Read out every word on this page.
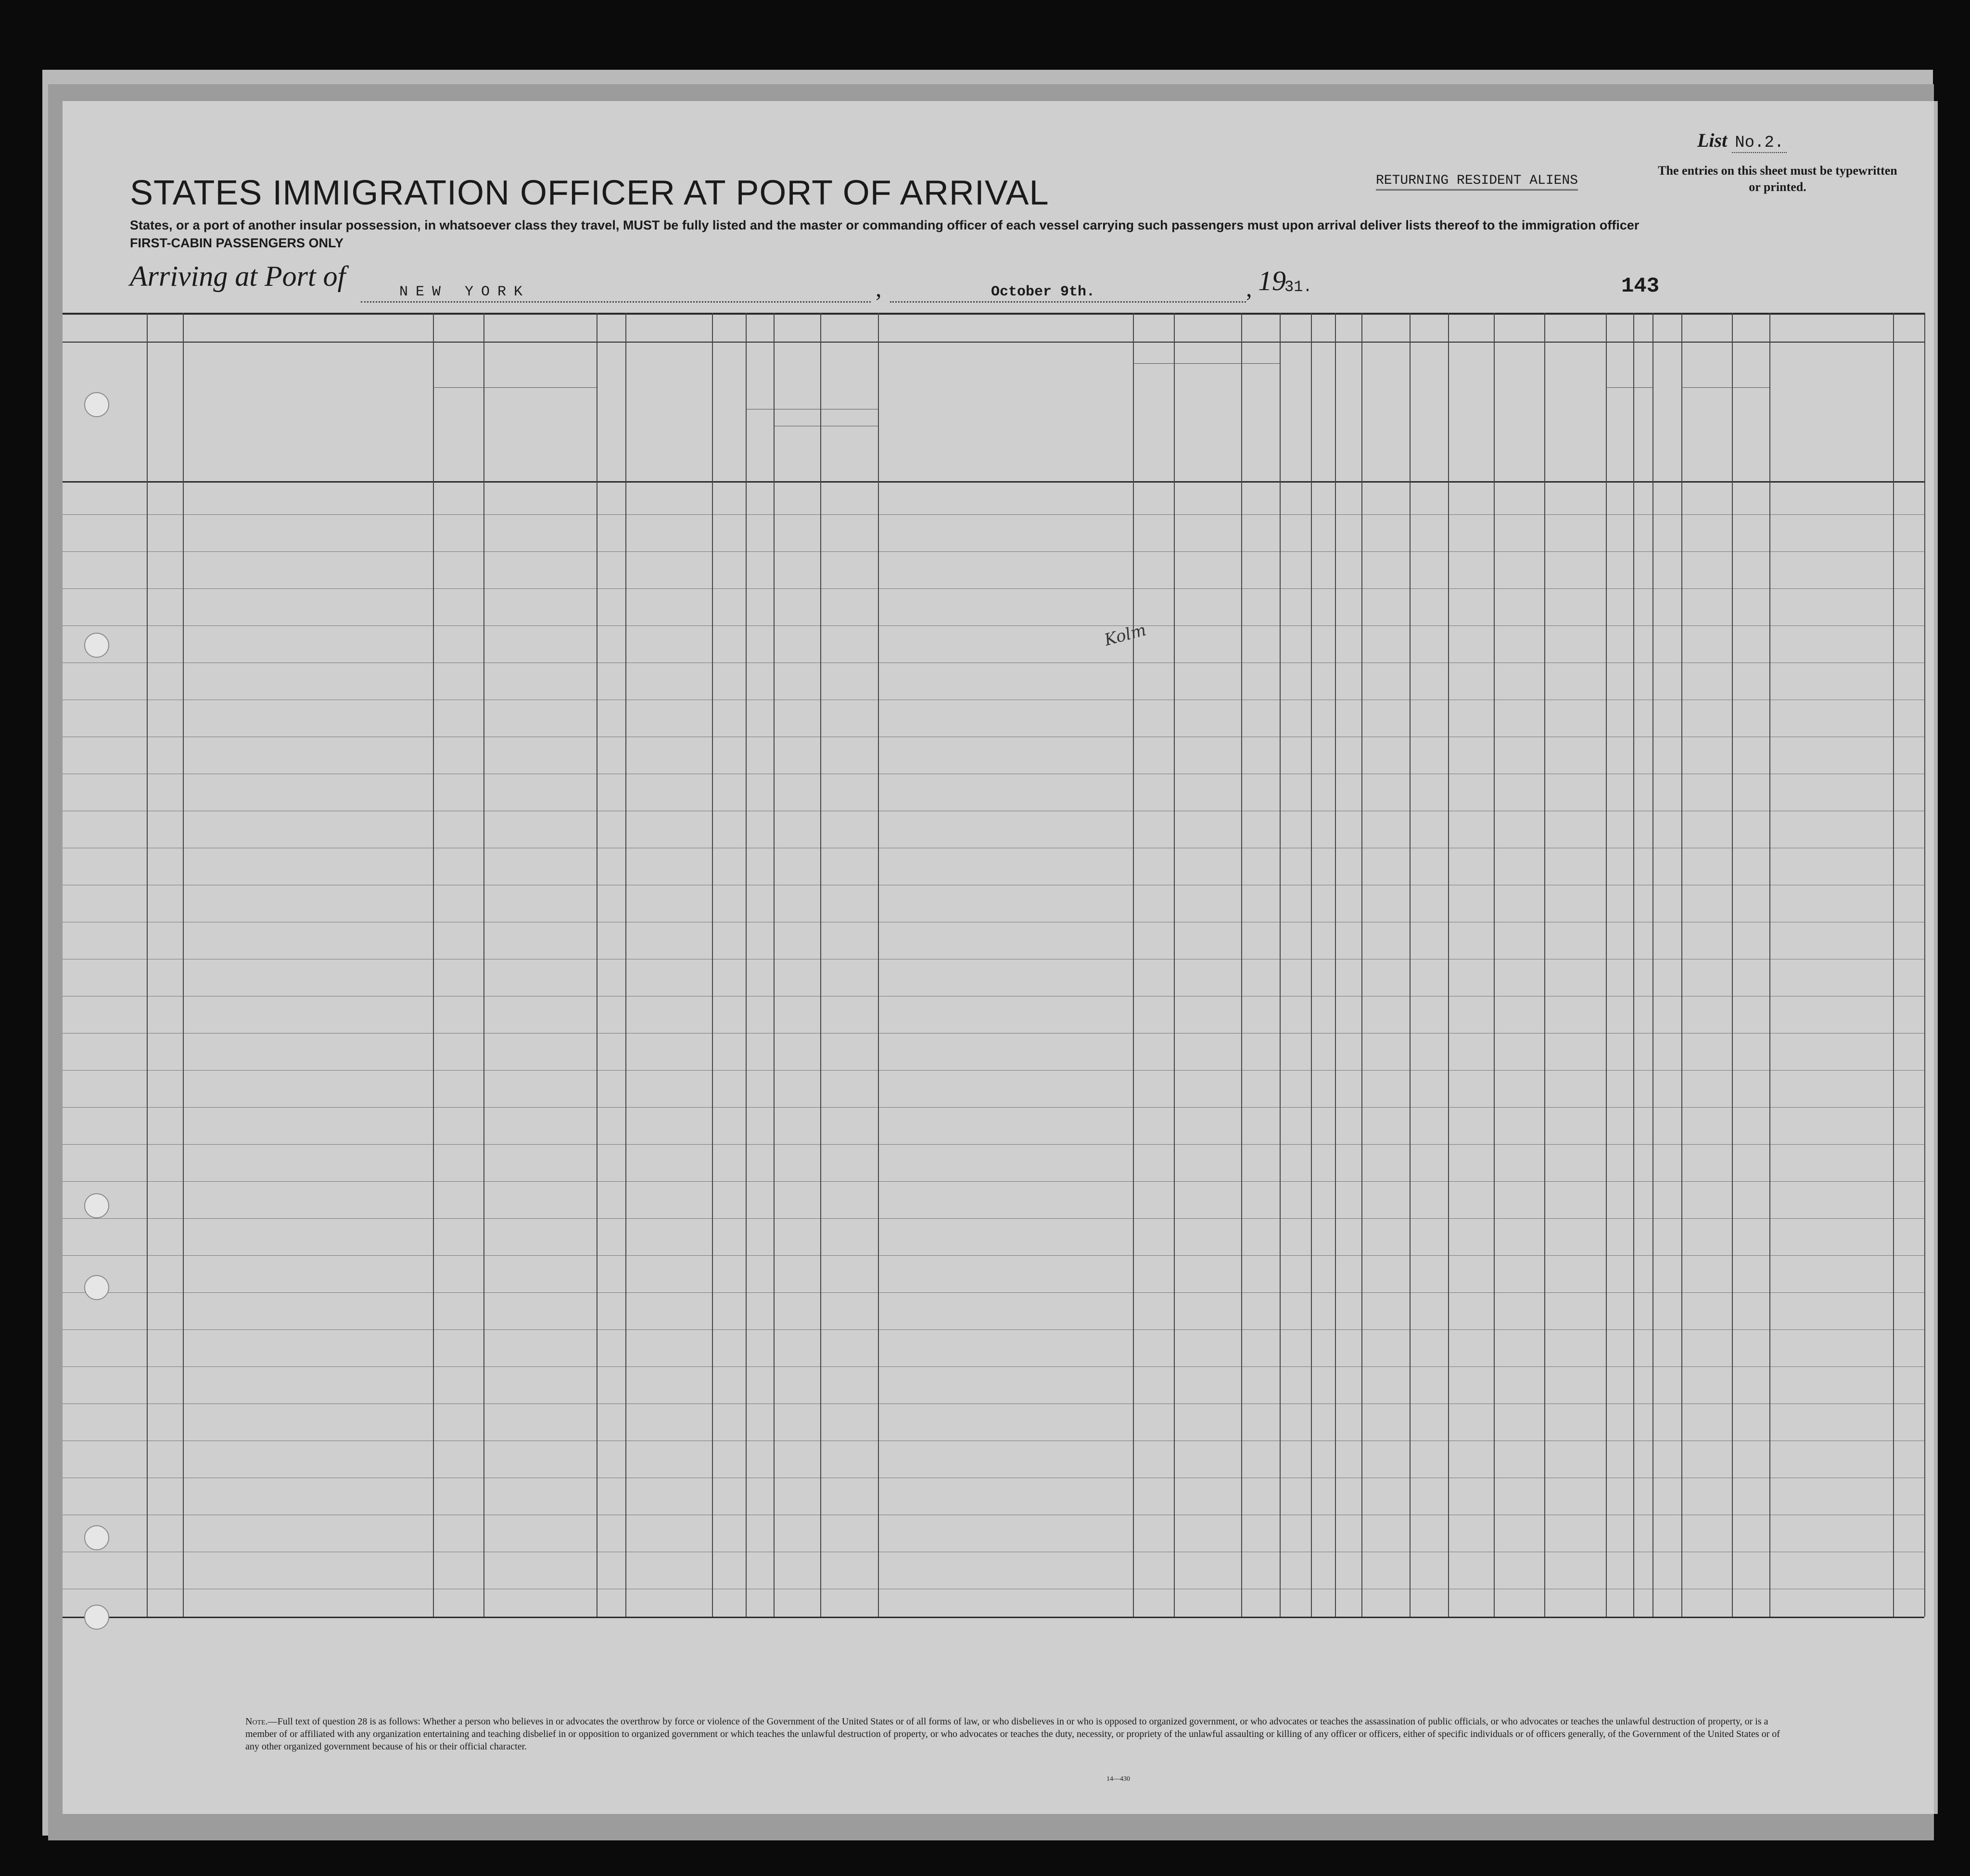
List No.2.
STATES IMMIGRATION OFFICER AT PORT OF ARRIVAL	RETURNING RESIDENT ALIENS
The entries on this sheet must be typewritten or printed.
States, or a port of another insular possession, in whatsoever class they travel, MUST be fully listed and the master or commanding officer of each vessel carrying such passengers must upon arrival deliver lists thereof to the immigration officer
FIRST-CABIN PASSENGERS ONLY
Arriving at Port of	NEW YORK	,	October 9th.	, 19
31.	143
Note.—Full text of question 28 is as follows: Whether a person who believes in or advocates the overthrow by force or violence of the Government of the United States or of all forms of law, or who disbelieves in or who is opposed to organized government, or who advocates or teaches the assassination of public officials, or who advocates or teaches the unlawful destruction of property, or is a member of or affiliated with any organization entertaining and teaching disbelief in or opposition to organized government or which teaches the unlawful destruction of property, or who advocates or teaches the duty, necessity, or propriety of the unlawful assaulting or killing of any officer or officers, either of specific individuals or of officers generally, of the Government of the United States or of any other organized government because of his or their official character.
14—430
Kolm
